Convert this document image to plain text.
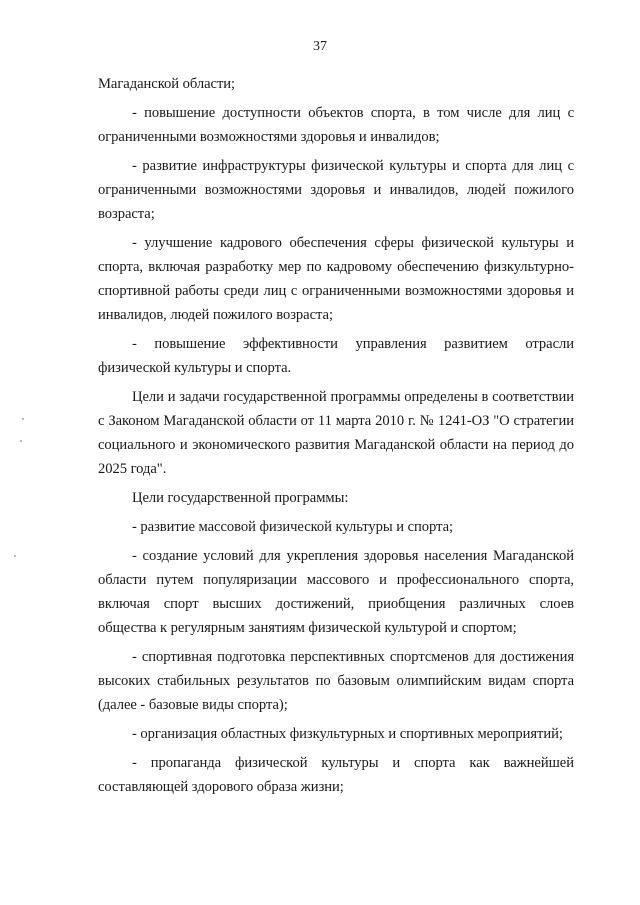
37

Магаданской области;

- повышение доступности объектов спорта, в том числе для лиц с ограниченными возможностями здоровья и инвалидов;

- развитие инфраструктуры физической культуры и спорта для лиц с ограниченными возможностями здоровья и инвалидов, людей пожилого возраста;

- улучшение кадрового обеспечения сферы физической культуры и спорта, включая разработку мер по кадровому обеспечению физкультурно-спортивной работы среди лиц с ограниченными возможностями здоровья и инвалидов, людей пожилого возраста;

- повышение эффективности управления развитием отрасли физической культуры и спорта.

Цели и задачи государственной программы определены в соответствии с Законом Магаданской области от 11 марта 2010 г. № 1241-ОЗ "О стратегии социального и экономического развития Магаданской области на период до 2025 года".

Цели государственной программы:

- развитие массовой физической культуры и спорта;

- создание условий для укрепления здоровья населения Магаданской области путем популяризации массового и профессионального спорта, включая спорт высших достижений, приобщения различных слоев общества к регулярным занятиям физической культурой и спортом;

- спортивная подготовка перспективных спортсменов для достижения высоких стабильных результатов по базовым олимпийским видам спорта (далее - базовые виды спорта);

- организация областных физкультурных и спортивных мероприятий;

- пропаганда физической культуры и спорта как важнейшей составляющей здорового образа жизни;
